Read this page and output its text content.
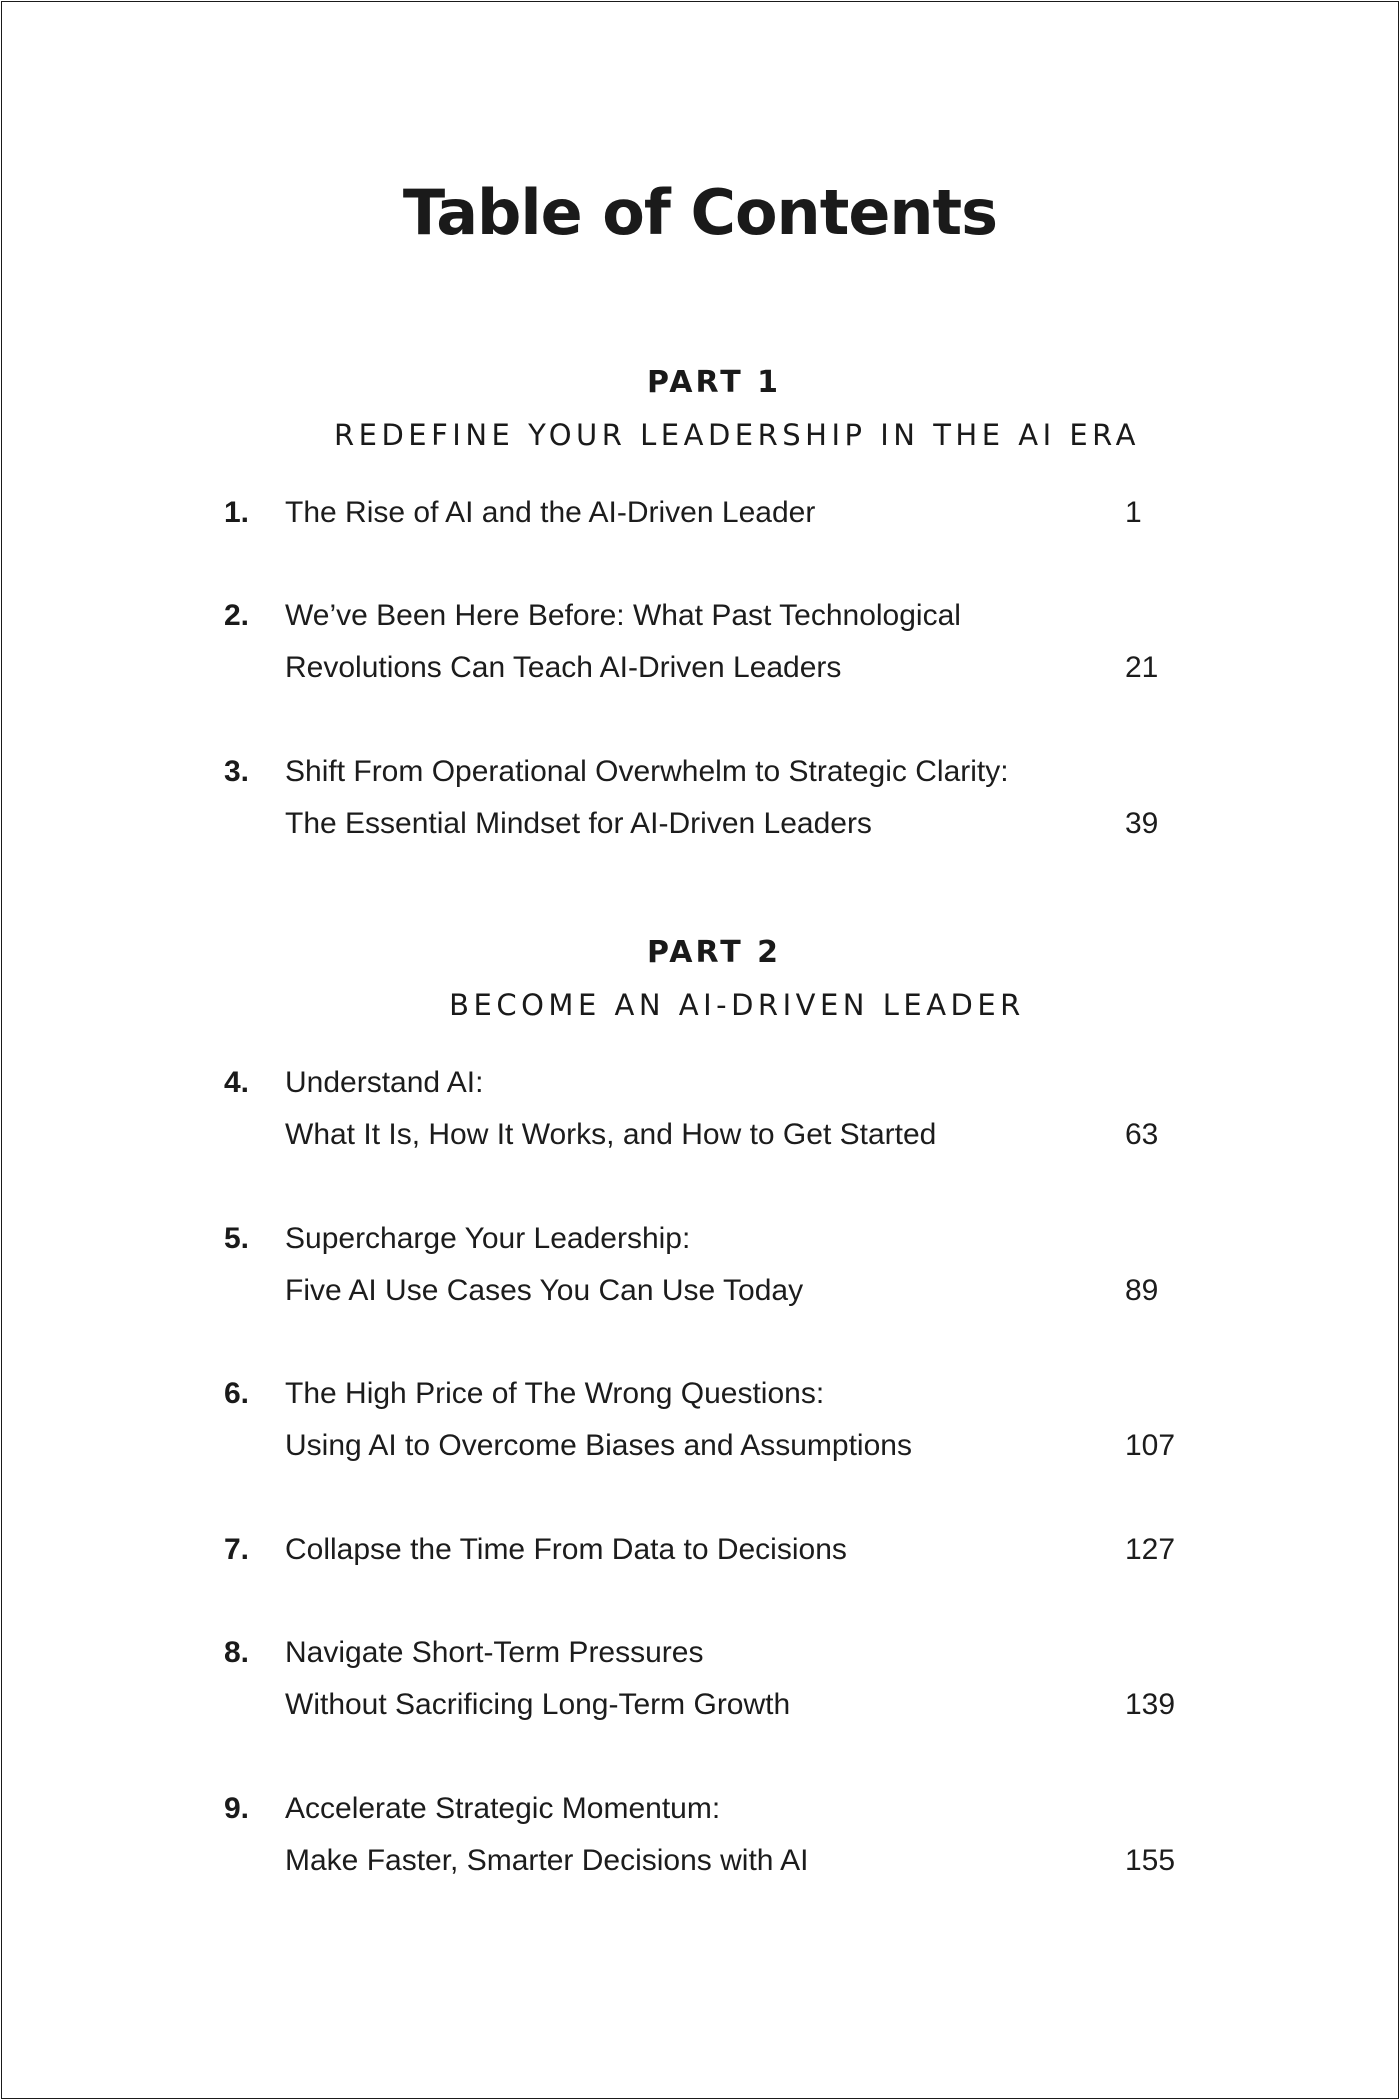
Table of Contents
PART 1
REDEFINE YOUR LEADERSHIP IN THE AI ERA
1. The Rise of AI and the AI-Driven Leader	1
2. We’ve Been Here Before: What Past Technological
Revolutions Can Teach AI-Driven Leaders	21
3. Shift From Operational Overwhelm to Strategic Clarity:
The Essential Mindset for AI-Driven Leaders	39
PART 2
BECOME AN AI-DRIVEN LEADER
4. Understand AI:
What It Is, How It Works, and How to Get Started	63
5. Supercharge Your Leadership:
Five AI Use Cases You Can Use Today	89
6. The High Price of The Wrong Questions:
Using AI to Overcome Biases and Assumptions	107
7. Collapse the Time From Data to Decisions	127
8. Navigate Short-Term Pressures
Without Sacrificing Long-Term Growth	139
9. Accelerate Strategic Momentum:
Make Faster, Smarter Decisions with AI	155
